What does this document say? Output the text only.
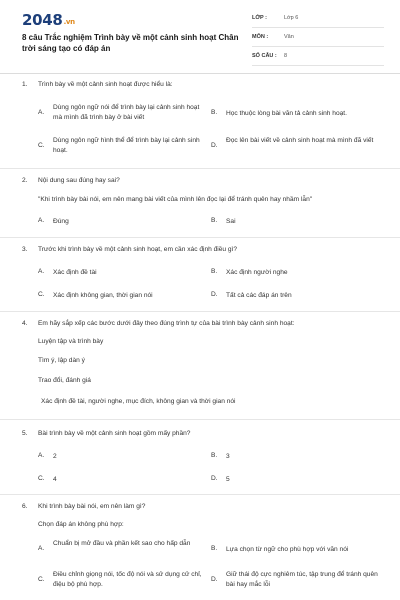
2048.vn
8 câu Trắc nghiệm Trình bày về một cảnh sinh hoạt Chân trời sáng tạo có đáp án
LỚP :	Lớp 6
MÔN :	Văn
SỐ CÂU : 8
1. Trình bày về một cảnh sinh hoạt được hiểu là:
A.
Dùng ngôn ngữ nói để trình bày lại cảnh sinh hoạt mà mình đã trình bày ở bài viết
B. Học thuộc lòng bài văn tả cảnh sinh hoạt.
C.
Dùng ngôn ngữ hình thể để trình bày lại cảnh sinh hoạt.
D.
Đọc lên bài viết về cảnh sinh hoạt mà mình đã viết
2. Nội dung sau đúng hay sai?
"Khi trình bày bài nói, em nên mang bài viết của mình lên đọc lại để tránh quên hay nhầm lẫn"
A. Đúng	B. Sai
3. Trước khi trình bày về một cảnh sinh hoạt, em cần xác định điều gì?
A. Xác định đề tài	B. Xác định người nghe
C. Xác định không gian, thời gian nói	D. Tất cả các đáp án trên
4. Em hãy sắp xếp các bước dưới đây theo đúng trình tự của bài trình bày cảnh sinh hoạt:
Luyện tập và trình bày
Tìm ý, lập dàn ý
Trao đổi, đánh giá
Xác định đề tài, người nghe, mục đích, không gian và thời gian nói
5. Bài trình bày về một cảnh sinh hoạt gồm mấy phần?
A. 2	B. 3
C. 4	D. 5
6. Khi trình bày bài nói, em nên làm gì?
Chọn đáp án không phù hợp:
A.
Chuẩn bị mở đầu và phần kết sao cho hấp dẫn
B. Lựa chọn từ ngữ cho phù hợp với văn nói
C.
Điều chỉnh giọng nói, tốc độ nói và sử dụng cử chỉ, điệu bộ phù hợp.
D.
Giữ thái độ cực nghiêm túc, tập trung để tránh quên bài hay mắc lỗi
